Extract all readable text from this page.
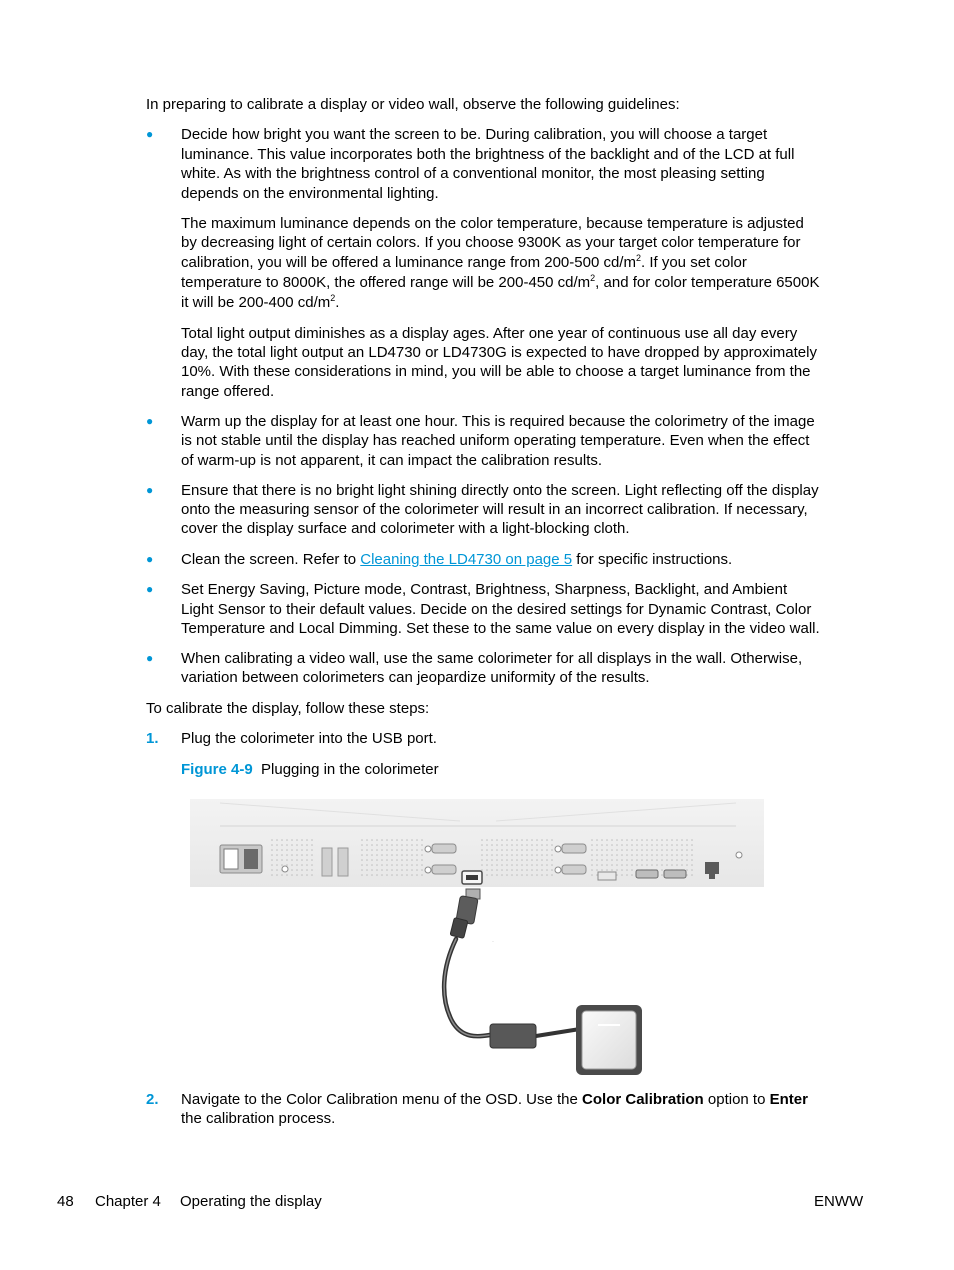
In preparing to calibrate a display or video wall, observe the following guidelines:
● Decide how bright you want the screen to be. During calibration, you will choose a target
luminance. This value incorporates both the brightness of the backlight and of the LCD at full
white. As with the brightness control of a conventional monitor, the most pleasing setting
depends on the environmental lighting.
The maximum luminance depends on the color temperature, because temperature is adjusted
by decreasing light of certain colors. If you choose 9300K as your target color temperature for
calibration, you will be offered a luminance range from 200-500 $cd/m^2$. If you set color
temperature to 8000K, the offered range will be 200-450 $cd/m^2$, and for color temperature 6500K
it will be 200-400 $cd/m^2$.
Total light output diminishes as a display ages. After one year of continuous use all day every
day, the total light output an LD4730 or LD4730G is expected to have dropped by approximately
10%. With these considerations in mind, you will be able to choose a target luminance from the
range offered.
● Warm up the display for at least one hour. This is required because the colorimetry of the image
is not stable until the display has reached uniform operating temperature. Even when the effect
of warm-up is not apparent, it can impact the calibration results.
● Ensure that there is no bright light shining directly onto the screen. Light reflecting off the display
onto the measuring sensor of the colorimeter will result in an incorrect calibration. If necessary,
cover the display surface and colorimeter with a light-blocking cloth.
● Clean the screen. Refer to Cleaning the LD4730 on page 5 for specific instructions.
● Set Energy Saving, Picture mode, Contrast, Brightness, Sharpness, Backlight, and Ambient
Light Sensor to their default values. Decide on the desired settings for Dynamic Contrast, Color
Temperature and Local Dimming. Set these to the same value on every display in the video wall.
● When calibrating a video wall, use the same colorimeter for all displays in the wall. Otherwise,
variation between colorimeters can jeopardize uniformity of the results.
To calibrate the display, follow these steps:
1. Plug the colorimeter into the USB port.
Figure 4-9 Plugging in the colorimeter
·
2. Navigate to the Color Calibration menu of the OSD. Use the Color Calibration option to Enter
the calibration process.
48 Chapter 4 Operating the display	ENWW
